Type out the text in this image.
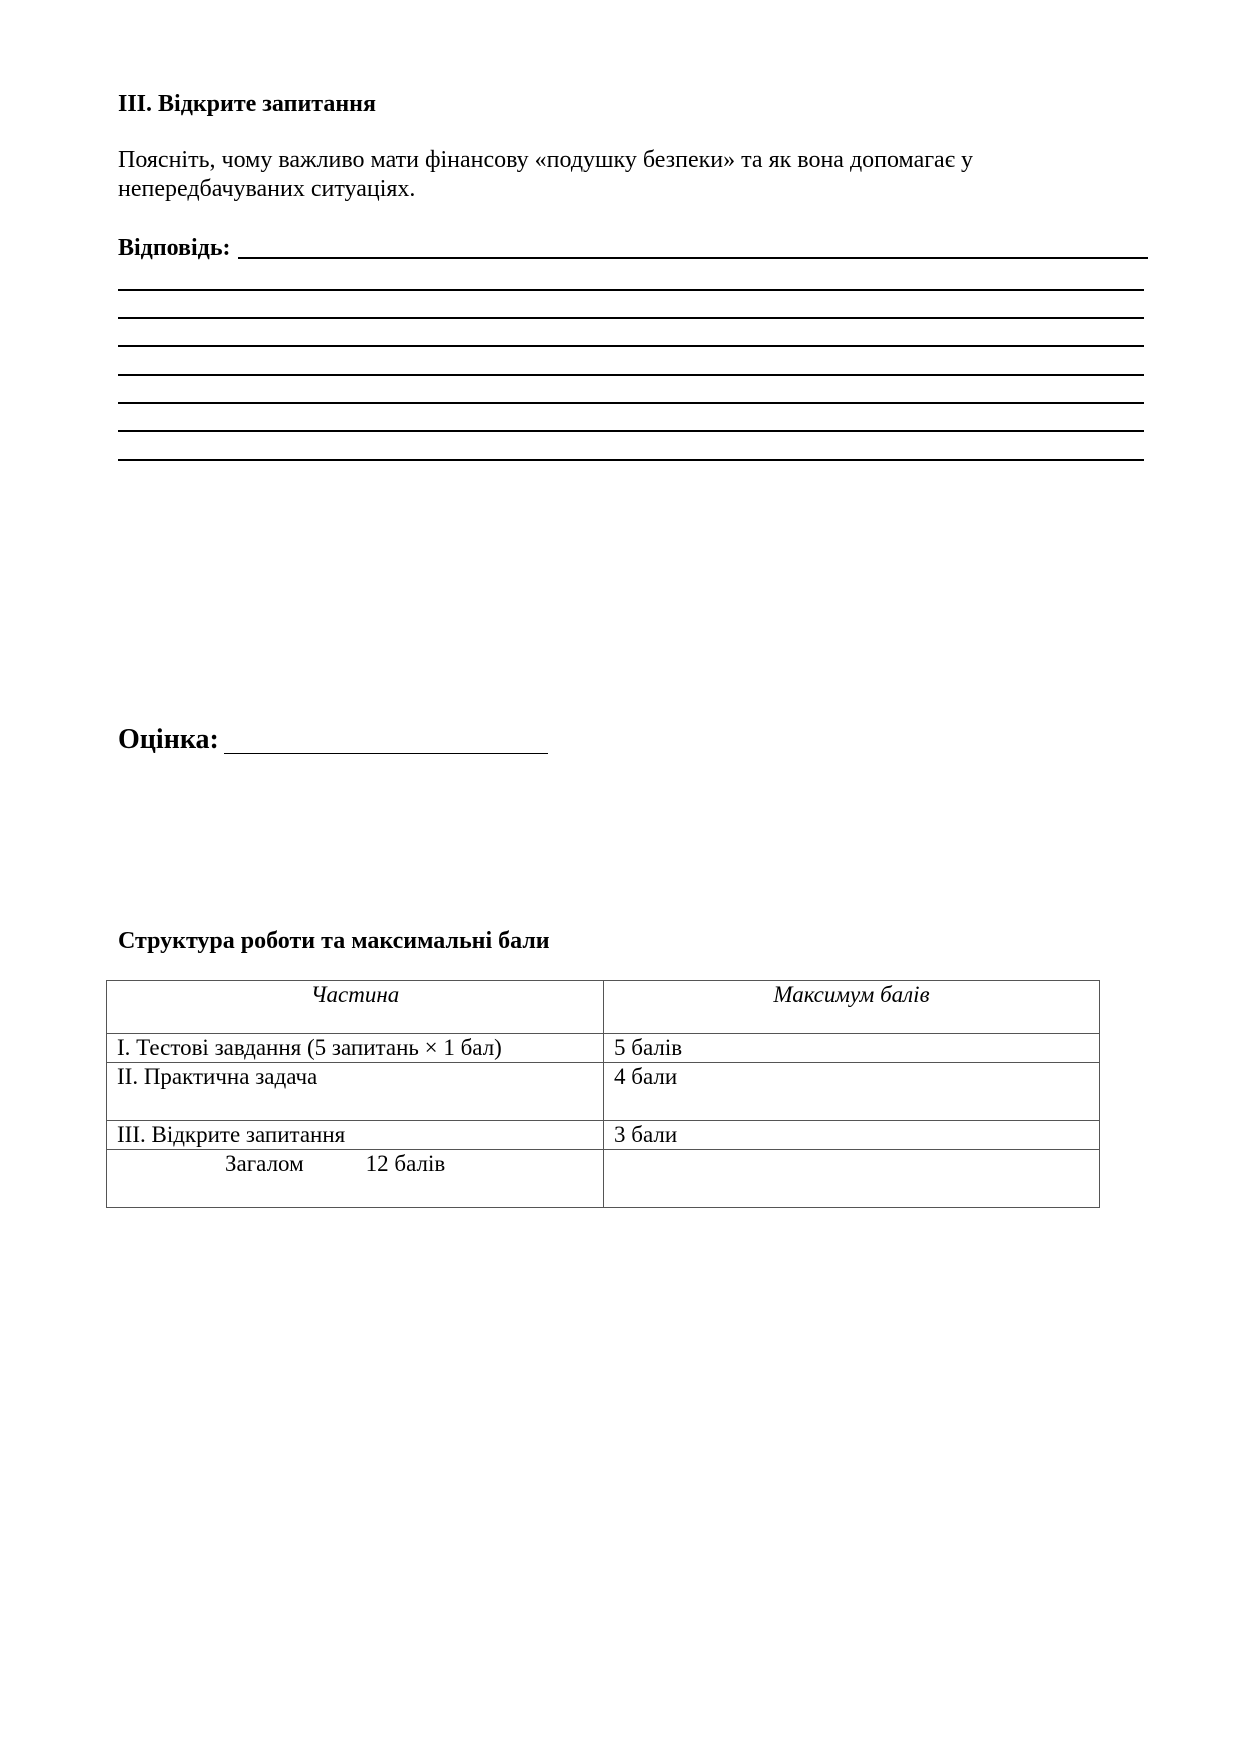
III. Відкрите запитання
Поясніть, чому важливо мати фінансову «подушку безпеки» та як вона допомагає у непередбачуваних ситуаціях.
Відповідь:
Оцінка:
Структура роботи та максимальні бали
Частина	Максимум балів
I. Тестові завдання (5 запитань × 1 бал)	5 балів
II. Практична задача	4 бали
III. Відкрите запитання	3 бали
Загалом 12 балів	
